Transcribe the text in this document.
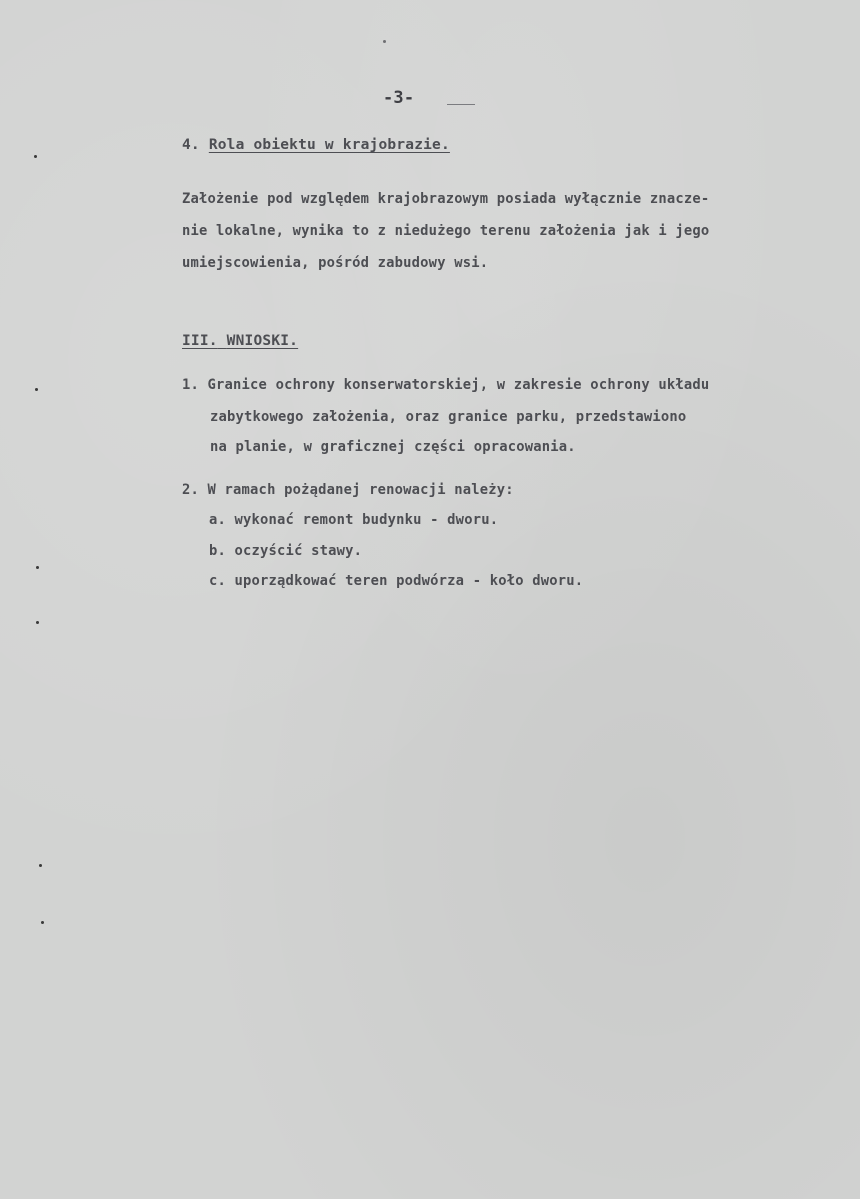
-3-
4. Rola obiektu w krajobrazie.
Założenie pod względem krajobrazowym posiada wyłącznie znacze-
nie lokalne, wynika to z niedużego terenu założenia jak i jego
umiejscowienia, pośród zabudowy wsi.
III. WNIOSKI.
1. Granice ochrony konserwatorskiej, w zakresie ochrony układu
zabytkowego założenia, oraz granice parku, przedstawiono
na planie, w graficznej części opracowania.
2. W ramach pożądanej renowacji należy:
a. wykonać remont budynku - dworu.
b. oczyścić stawy.
c. uporządkować teren podwórza - koło dworu.
